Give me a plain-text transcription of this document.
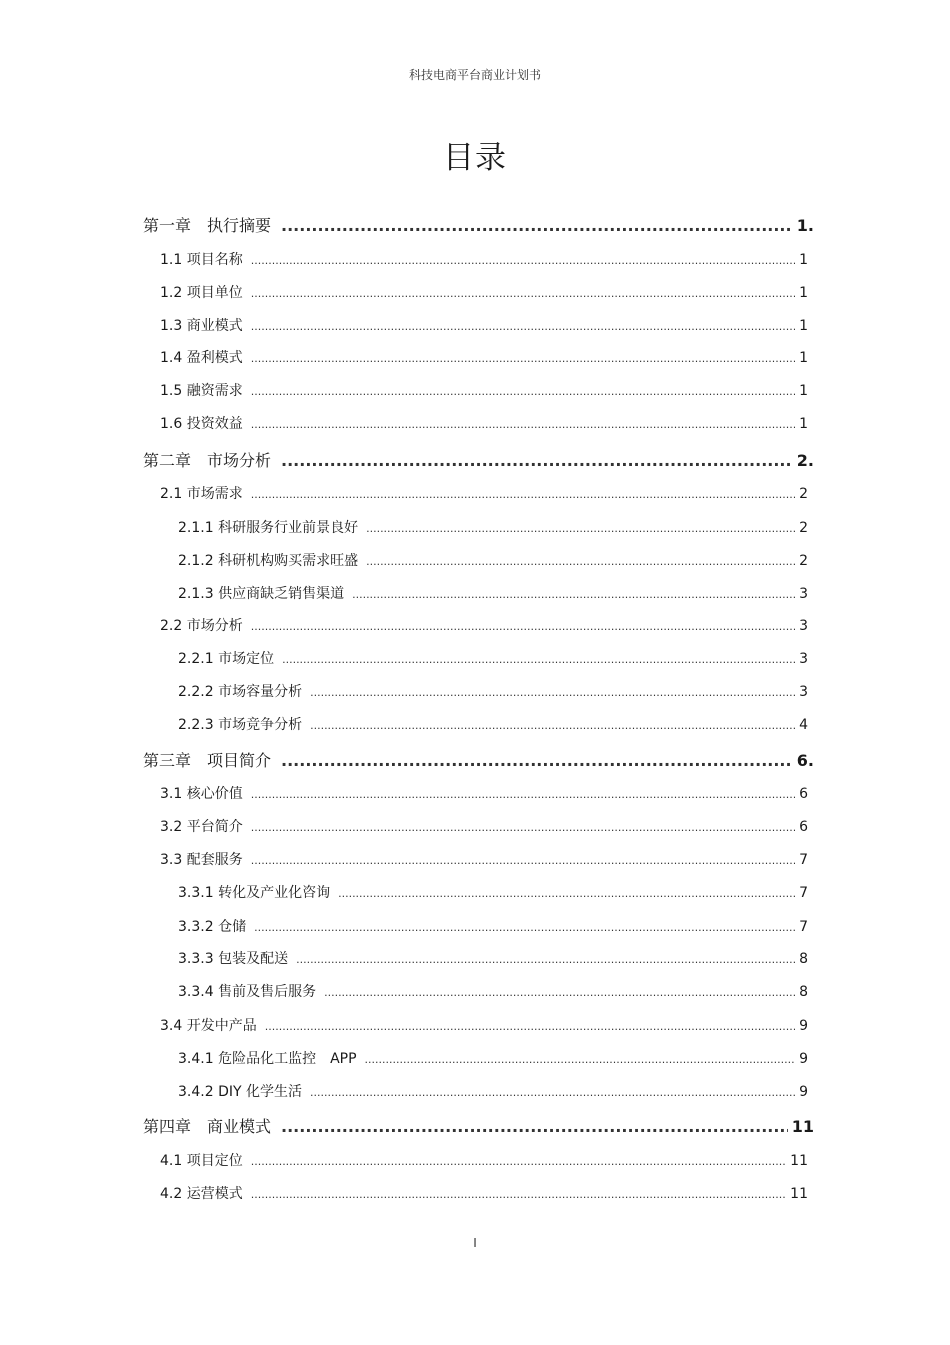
科技电商平台商业计划书
目录
第一章　执行摘要 .....	1.
1.1 项目名称 .....	1
1.2 项目单位 .....	1
1.3 商业模式 .....	1
1.4 盈利模式 .....	1
1.5 融资需求 .....	1
1.6 投资效益 .....	1
第二章　市场分析 .....	2.
2.1 市场需求 .....	2
2.1.1 科研服务行业前景良好 .....	2
2.1.2 科研机构购买需求旺盛 .....	2
2.1.3 供应商缺乏销售渠道 .....	3
2.2 市场分析 .....	3
2.2.1 市场定位 .....	3
2.2.2 市场容量分析 .....	3
2.2.3 市场竞争分析 .....	4
第三章　项目简介 .....	6.
3.1 核心价值 .....	6
3.2 平台简介 .....	6
3.3 配套服务 .....	7
3.3.1 转化及产业化咨询 .....	7
3.3.2 仓储 .....	7
3.3.3 包装及配送 .....	8
3.3.4 售前及售后服务 .....	8
3.4 开发中产品 .....	9
3.4.1 危险品化工监控　APP .....	9
3.4.2 DIY 化学生活 .....	9
第四章　商业模式 .....	11
4.1 项目定位 .....	11
4.2 运营模式 .....	11
I
